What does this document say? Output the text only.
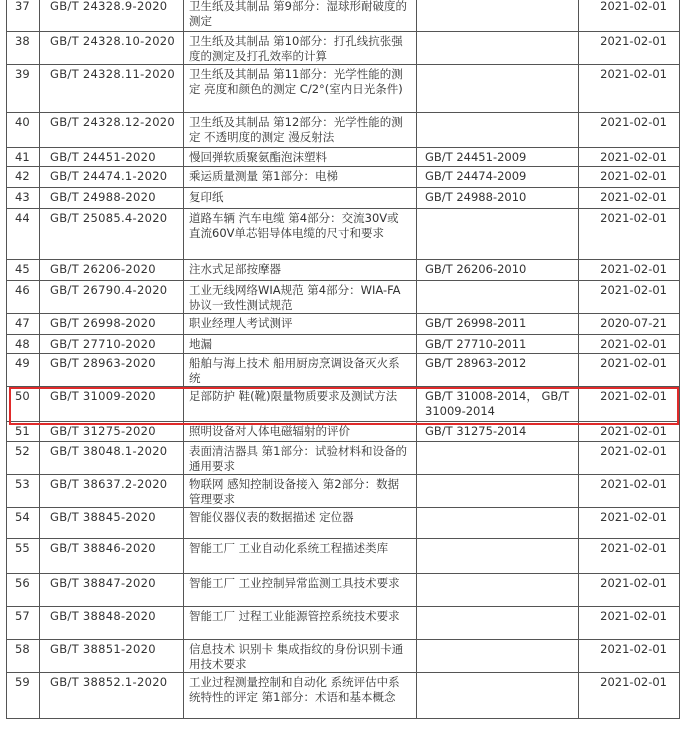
37	GB/T 24328.9-2020	卫生纸及其制品 第9部分：湿球形耐破度的测定		2021-02-01
38	GB/T 24328.10-2020	卫生纸及其制品 第10部分：打孔线抗张强度的测定及打孔效率的计算		2021-02-01
39	GB/T 24328.11-2020	卫生纸及其制品 第11部分：光学性能的测定 亮度和颜色的测定 C/2°(室内日光条件)		2021-02-01
40	GB/T 24328.12-2020	卫生纸及其制品 第12部分：光学性能的测定 不透明度的测定 漫反射法		2021-02-01
41	GB/T 24451-2020	慢回弹软质聚氨酯泡沫塑料	GB/T 24451-2009	2021-02-01
42	GB/T 24474.1-2020	乘运质量测量 第1部分：电梯	GB/T 24474-2009	2021-02-01
43	GB/T 24988-2020	复印纸	GB/T 24988-2010	2021-02-01
44	GB/T 25085.4-2020	道路车辆 汽车电缆 第4部分：交流30V或直流60V单芯铝导体电缆的尺寸和要求		2021-02-01
45	GB/T 26206-2020	注水式足部按摩器	GB/T 26206-2010	2021-02-01
46	GB/T 26790.4-2020	工业无线网络WIA规范 第4部分：WIA-FA协议一致性测试规范		2021-02-01
47	GB/T 26998-2020	职业经理人考试测评	GB/T 26998-2011	2020-07-21
48	GB/T 27710-2020	地漏	GB/T 27710-2011	2021-02-01
49	GB/T 28963-2020	船舶与海上技术 船用厨房烹调设备灭火系统	GB/T 28963-2012	2021-02-01
50	GB/T 31009-2020	足部防护 鞋(靴)限量物质要求及测试方法	GB/T 31008-2014， GB/T 31009-2014	2021-02-01
51	GB/T 31275-2020	照明设备对人体电磁辐射的评价	GB/T 31275-2014	2021-02-01
52	GB/T 38048.1-2020	表面清洁器具 第1部分：试验材料和设备的通用要求		2021-02-01
53	GB/T 38637.2-2020	物联网 感知控制设备接入 第2部分：数据管理要求		2021-02-01
54	GB/T 38845-2020	智能仪器仪表的数据描述 定位器		2021-02-01
55	GB/T 38846-2020	智能工厂 工业自动化系统工程描述类库		2021-02-01
56	GB/T 38847-2020	智能工厂 工业控制异常监测工具技术要求		2021-02-01
57	GB/T 38848-2020	智能工厂 过程工业能源管控系统技术要求		2021-02-01
58	GB/T 38851-2020	信息技术 识别卡 集成指纹的身份识别卡通用技术要求		2021-02-01
59	GB/T 38852.1-2020	工业过程测量控制和自动化 系统评估中系统特性的评定 第1部分：术语和基本概念		2021-02-01
